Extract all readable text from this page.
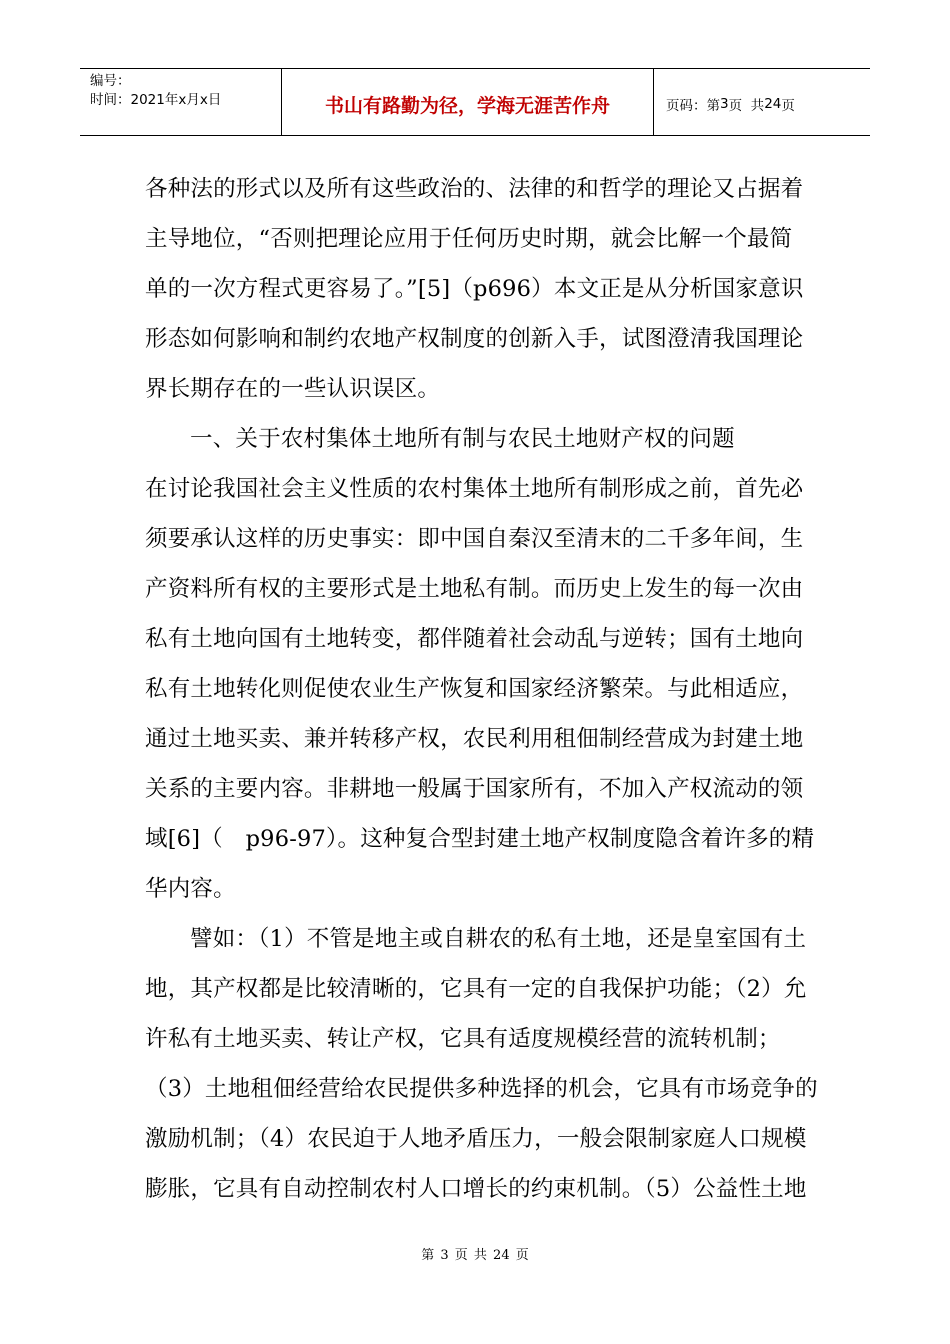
编号：
时间：2021年x月x日	书山有路勤为径，学海无涯苦作舟	页码：第 3 页  共 24 页
各种法的形式以及所有这些政治的、法律的和哲学的理论又占据着
主导地位，“否则把理论应用于任何历史时期，就会比解一个最简
单的一次方程式更容易了。”[5]（p696）本文正是从分析国家意识
形态如何影响和制约农地产权制度的创新入手，试图澄清我国理论
界长期存在的一些认识误区。
一、关于农村集体土地所有制与农民土地财产权的问题
在讨论我国社会主义性质的农村集体土地所有制形成之前，首先必
须要承认这样的历史事实：即中国自秦汉至清末的二千多年间，生
产资料所有权的主要形式是土地私有制。而历史上发生的每一次由
私有土地向国有土地转变，都伴随着社会动乱与逆转；国有土地向
私有土地转化则促使农业生产恢复和国家经济繁荣。与此相适应，
通过土地买卖、兼并转移产权，农民利用租佃制经营成为封建土地
关系的主要内容。非耕地一般属于国家所有，不加入产权流动的领
域[6]（　p96-97）。这种复合型封建土地产权制度隐含着许多的精
华内容。
譬如：（1）不管是地主或自耕农的私有土地，还是皇室国有土
地，其产权都是比较清晰的，它具有一定的自我保护功能；（2）允
许私有土地买卖、转让产权，它具有适度规模经营的流转机制；
（3）土地租佃经营给农民提供多种选择的机会，它具有市场竞争的
激励机制；（4）农民迫于人地矛盾压力，一般会限制家庭人口规模
膨胀，它具有自动控制农村人口增长的约束机制。（5）公益性土地
第 3 页 共 24 页
